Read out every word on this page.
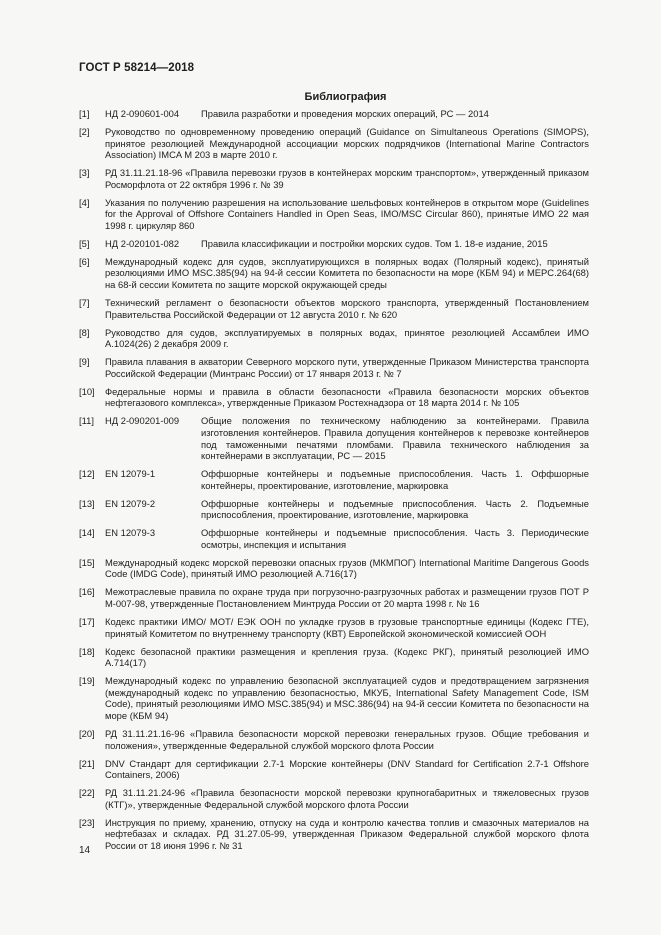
ГОСТ Р 58214—2018
Библиография
[1]	НД 2-090601-004	Правила разработки и проведения морских операций, РС — 2014
[2]	Руководство по одновременному проведению операций (Guidance on Simultaneous Operations (SIMOPS), принятое резолюцией Международной ассоциации морских подрядчиков (International Marine Contractors Association) IMCA M 203 в марте 2010 г.
[3]	РД 31.11.21.18-96 «Правила перевозки грузов в контейнерах морским транспортом», утвержденный приказом Росморфлота от 22 октября 1996 г. № 39
[4]	Указания по получению разрешения на использование шельфовых контейнеров в открытом море (Guidelines for the Approval of Offshore Containers Handled in Open Seas, IMO/MSC Circular 860), принятые ИМО 22 мая 1998 г. циркуляр 860
[5]	НД 2-020101-082	Правила классификации и постройки морских судов. Том 1. 18-е издание, 2015
[6]	Международный кодекс для судов, эксплуатирующихся в полярных водах (Полярный кодекс), принятый резолюциями ИМО MSC.385(94) на 94-й сессии Комитета по безопасности на море (КБМ 94) и MEPC.264(68) на 68-й сессии Комитета по защите морской окружающей среды
[7]	Технический регламент о безопасности объектов морского транспорта, утвержденный Постановлением Правительства Российской Федерации от 12 августа 2010 г. № 620
[8]	Руководство для судов, эксплуатируемых в полярных водах, принятое резолюцией Ассамблеи ИМО А.1024(26) 2 декабря 2009 г.
[9]	Правила плавания в акватории Северного морского пути, утвержденные Приказом Министерства транспорта Российской Федерации (Минтранс России) от 17 января 2013 г. № 7
[10]	Федеральные нормы и правила в области безопасности «Правила безопасности морских объектов нефтегазового комплекса», утвержденные Приказом Ростехнадзора от 18 марта 2014 г. № 105
[11]	НД 2-090201-009	Общие положения по техническому наблюдению за контейнерами. Правила изготовления контейнеров. Правила допущения контейнеров к перевозке контейнеров под таможенными печатями пломбами. Правила технического наблюдения за контейнерами в эксплуатации, РС — 2015
[12]	EN 12079-1	Оффшорные контейнеры и подъемные приспособления. Часть 1. Оффшорные контейнеры, проектирование, изготовление, маркировка
[13]	EN 12079-2	Оффшорные контейнеры и подъемные приспособления. Часть 2. Подъемные приспособления, проектирование, изготовление, маркировка
[14]	EN 12079-3	Оффшорные контейнеры и подъемные приспособления. Часть 3. Периодические осмотры, инспекция и испытания
[15]	Международный кодекс морской перевозки опасных грузов (МКМПОГ) International Maritime Dangerous Goods Code (IMDG Code), принятый ИМО резолюцией А.716(17)
[16]	Межотраслевые правила по охране труда при погрузочно-разгрузочных работах и размещении грузов ПОТ Р М-007-98, утвержденные Постановлением Минтруда России от 20 марта 1998 г. № 16
[17]	Кодекс практики ИМО/ МОТ/ ЕЭК ООН по укладке грузов в грузовые транспортные единицы (Кодекс ГТЕ), принятый Комитетом по внутреннему транспорту (КВТ) Европейской экономической комиссией ООН
[18]	Кодекс безопасной практики размещения и крепления груза. (Кодекс РКГ), принятый резолюцией ИМО А.714(17)
[19]	Международный кодекс по управлению безопасной эксплуатацией судов и предотвращением загрязнения (международный кодекс по управлению безопасностью, МКУБ, International Safety Management Code, ISM Code), принятый резолюциями ИМО MSC.385(94) и MSC.386(94) на 94-й сессии Комитета по безопасности на море (КБМ 94)
[20]	РД 31.11.21.16-96 «Правила безопасности морской перевозки генеральных грузов. Общие требования и положения», утвержденные Федеральной службой морского флота России
[21]	DNV Стандарт для сертификации 2.7-1 Морские контейнеры (DNV Standard for Certification 2.7-1 Offshore Containers, 2006)
[22]	РД 31.11.21.24-96 «Правила безопасности морской перевозки крупногабаритных и тяжеловесных грузов (КТГ)», утвержденные Федеральной службой морского флота России
[23]	Инструкция по приему, хранению, отпуску на суда и контролю качества топлив и смазочных материалов на нефтебазах и складах. РД 31.27.05-99, утвержденная Приказом Федеральной службой морского флота России от 18 июня 1996 г. № 31
14
